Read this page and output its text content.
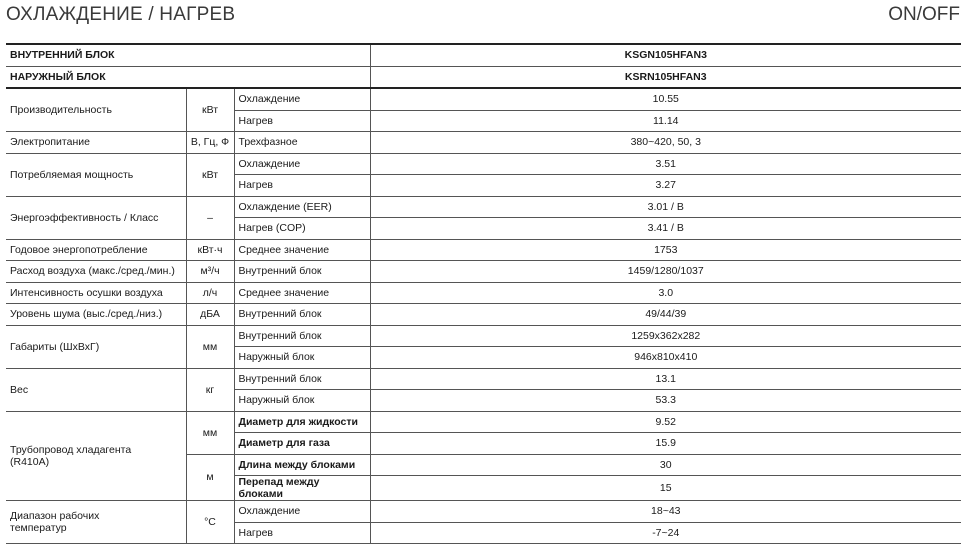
ОХЛАЖДЕНИЕ / НАГРЕВ	ON/OFF
ВНУТРЕННИЙ БЛОК			KSGN105HFAN3
НАРУЖНЫЙ БЛОК			KSRN105HFAN3
Производительность	кВт	Охлаждение	10.55
		Нагрев	11.14
Электропитание	В, Гц, Ф	Трехфазное	380~420, 50, 3
Потребляемая мощность	кВт	Охлаждение	3.51
		Нагрев	3.27
Энергоэффективность / Класс	–	Охлаждение (EER)	3.01 / B
		Нагрев (COP)	3.41 / B
Годовое энергопотребление	кВт·ч	Среднее значение	1753
Расход воздуха (макс./сред./мин.)	м³/ч	Внутренний блок	1459/1280/1037
Интенсивность осушки воздуха	л/ч	Среднее значение	3.0
Уровень шума (выс./сред./низ.)	дБА	Внутренний блок	49/44/39
Габариты (ШхВхГ)	мм	Внутренний блок	1259x362x282
		Наружный блок	946x810x410
Вес	кг	Внутренний блок	13.1
		Наружный блок	53.3

Трубопровод хладагента
(R410A)	мм	Диаметр для жидкости	9.52
		Диаметр для газа	15.9
	м	Длина между блоками	30
		Перепад между блоками	15

Диапазон рабочих
температур	°C	Охлаждение	18~43
		Нагрев	-7~24
